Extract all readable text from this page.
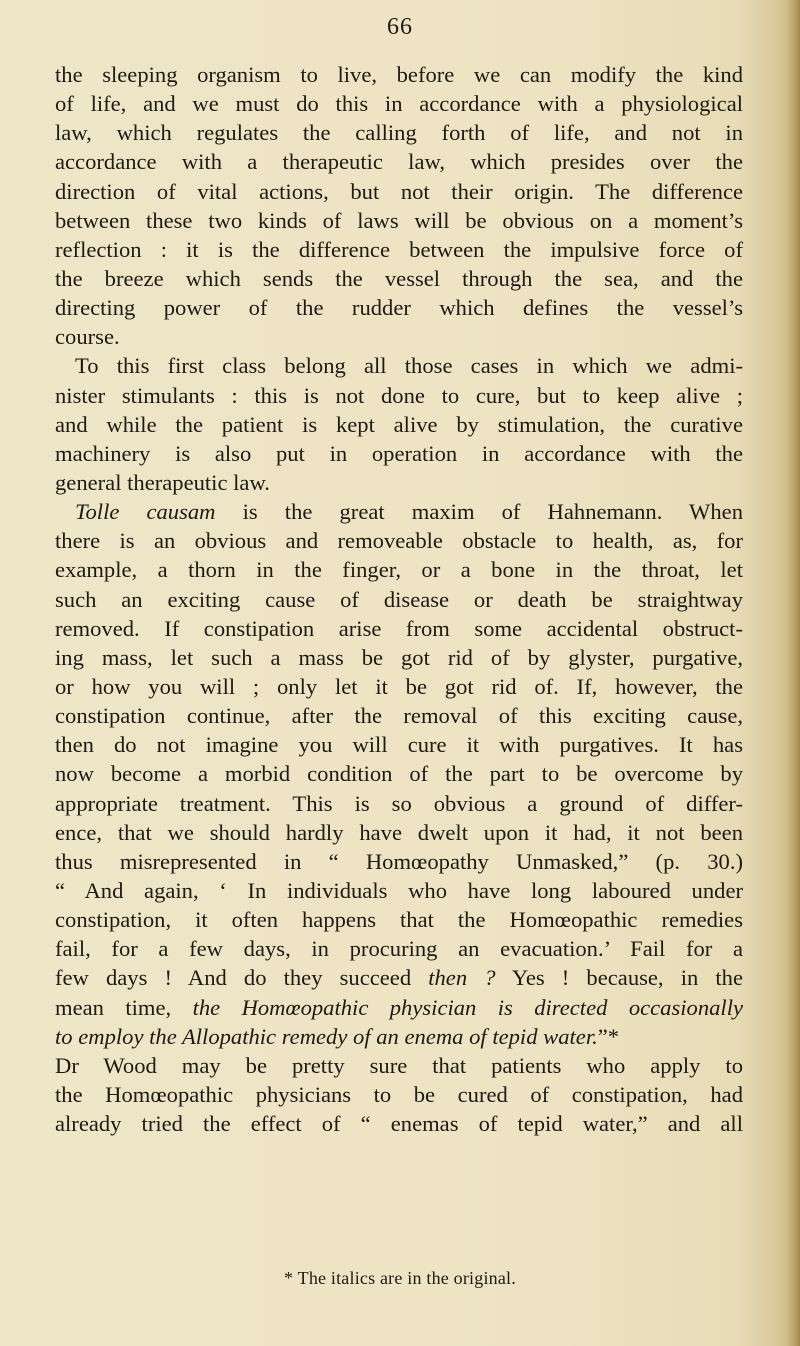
66
the sleeping organism to live, before we can modify the kind
of life, and we must do this in accordance with a physiological
law, which regulates the calling forth of life, and not in
accordance with a therapeutic law, which presides over the
direction of vital actions, but not their origin. The difference
between these two kinds of laws will be obvious on a moment’s
reflection : it is the difference between the impulsive force of
the breeze which sends the vessel through the sea, and the
directing power of the rudder which defines the vessel’s
course.
To this first class belong all those cases in which we admi-
nister stimulants : this is not done to cure, but to keep alive ;
and while the patient is kept alive by stimulation, the curative
machinery is also put in operation in accordance with the
general therapeutic law.
Tolle causam is the great maxim of Hahnemann. When
there is an obvious and removeable obstacle to health, as, for
example, a thorn in the finger, or a bone in the throat, let
such an exciting cause of disease or death be straightway
removed. If constipation arise from some accidental obstruct-
ing mass, let such a mass be got rid of by glyster, purgative,
or how you will ; only let it be got rid of. If, however, the
constipation continue, after the removal of this exciting cause,
then do not imagine you will cure it with purgatives. It has
now become a morbid condition of the part to be overcome by
appropriate treatment. This is so obvious a ground of differ-
ence, that we should hardly have dwelt upon it had, it not been
thus misrepresented in “ Homœopathy Unmasked,” (p. 30.)
“ And again, ‘ In individuals who have long laboured under
constipation, it often happens that the Homœopathic remedies
fail, for a few days, in procuring an evacuation.’ Fail for a
few days ! And do they succeed then ? Yes ! because, in the
mean time, the Homœopathic physician is directed occasionally
to employ the Allopathic remedy of an enema of tepid water.”*
Dr Wood may be pretty sure that patients who apply to
the Homœopathic physicians to be cured of constipation, had
already tried the effect of “ enemas of tepid water,” and all
* The italics are in the original.
